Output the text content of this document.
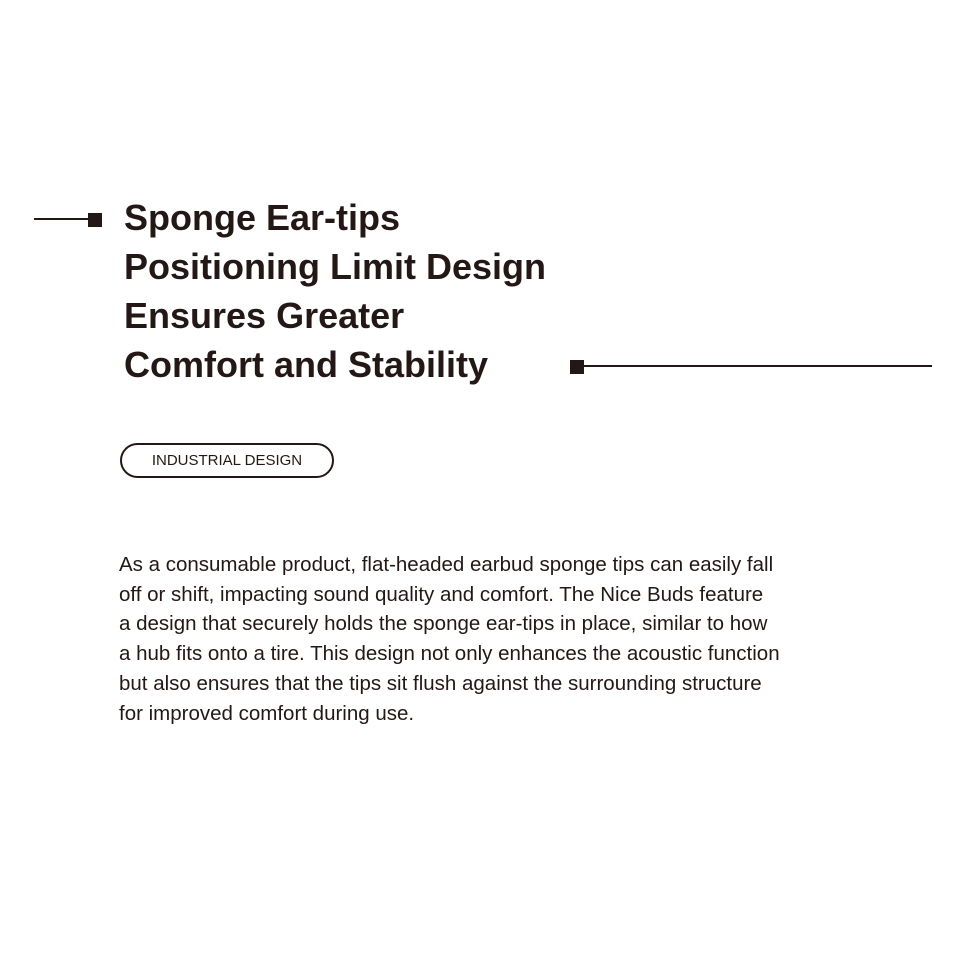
Sponge Ear-tips
Positioning Limit Design
Ensures Greater
Comfort and Stability
INDUSTRIAL DESIGN

As a consumable product, flat-headed earbud sponge tips can easily fall
off or shift, impacting sound quality and comfort. The Nice Buds feature
a design that securely holds the sponge ear-tips in place, similar to how
a hub fits onto a tire. This design not only enhances the acoustic function
but also ensures that the tips sit flush against the surrounding structure
for improved comfort during use.
